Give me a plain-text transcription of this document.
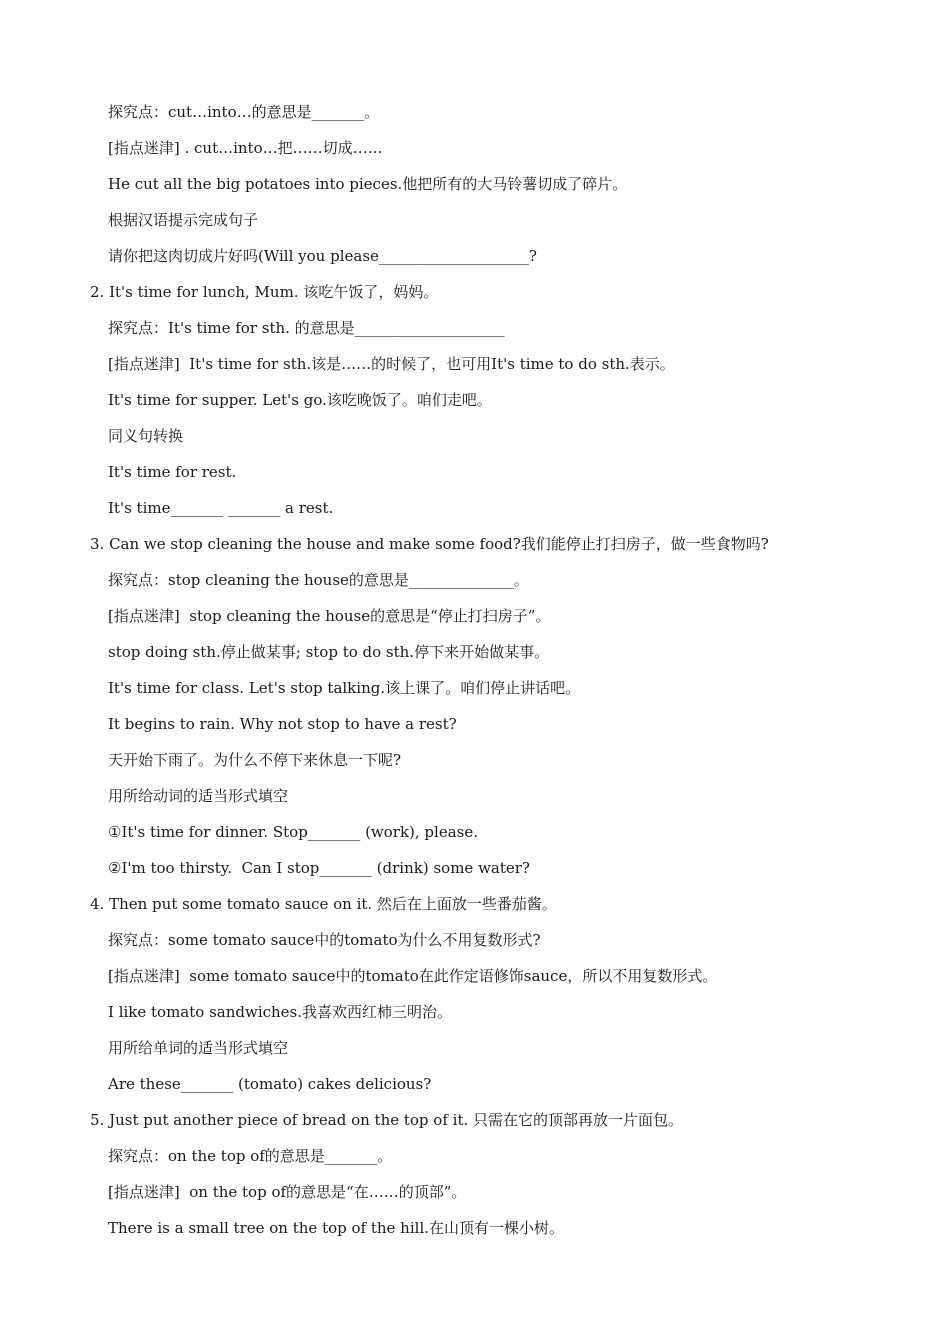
探究点：cut…into…的意思是_______。
[指点迷津] . cut…into…把……切成……
He cut all the big potatoes into pieces.他把所有的大马铃薯切成了碎片。
根据汉语提示完成句子
请你把这肉切成片好吗(Will you please____________________?
2. It's time for lunch, Mum. 该吃午饭了，妈妈。
探究点：It's time for sth. 的意思是____________________
[指点迷津]  It's time for sth.该是……的时候了，也可用It's time to do sth.表示。
It's time for supper. Let's go.该吃晚饭了。咱们走吧。
同义句转换
It's time for rest.
It's time_______ _______ a rest.
3. Can we stop cleaning the house and make some food?我们能停止打扫房子，做一些食物吗?
探究点：stop cleaning the house的意思是______________。
[指点迷津]  stop cleaning the house的意思是“停止打扫房子”。
stop doing sth.停止做某事; stop to do sth.停下来开始做某事。
It's time for class. Let's stop talking.该上课了。咱们停止讲话吧。
It begins to rain. Why not stop to have a rest?
天开始下雨了。为什么不停下来休息一下呢?
用所给动词的适当形式填空
①It's time for dinner. Stop_______ (work), please.
②I'm too thirsty.  Can I stop_______ (drink) some water?
4. Then put some tomato sauce on it. 然后在上面放一些番茄酱。
探究点：some tomato sauce中的tomato为什么不用复数形式?
[指点迷津]  some tomato sauce中的tomato在此作定语修饰sauce，所以不用复数形式。
I like tomato sandwiches.我喜欢西红柿三明治。
用所给单词的适当形式填空
Are these_______ (tomato) cakes delicious?
5. Just put another piece of bread on the top of it. 只需在它的顶部再放一片面包。
探究点：on the top of的意思是_______。
[指点迷津]  on the top of的意思是“在……的顶部”。
There is a small tree on the top of the hill.在山顶有一棵小树。
